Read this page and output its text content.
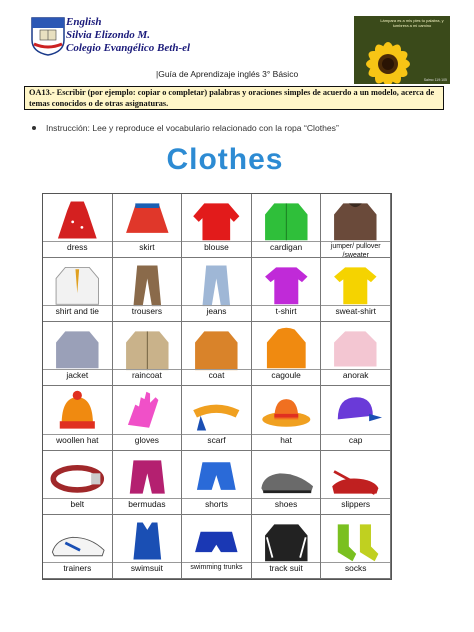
English
Silvia Elizondo M.
Colegio Evangélico Beth-el
|Guía de Aprendizaje inglés 3° Básico
Lámpara es a mis pies tu palabra, y lumbrera a mi camino
Salmo 119:105
OA13.- Escribir (por ejemplo: copiar o completar) palabras y oraciones simples de acuerdo a un modelo, acerca de temas conocidos o de otras asignaturas.
Instrucción: Lee y reproduce el vocabulario relacionado con la ropa “Clothes”
Clothes
dress	skirt	blouse	cardigan	jumper/ pullover /sweater
shirt and tie	trousers	jeans	t-shirt	sweat-shirt
jacket	raincoat	coat	cagoule	anorak
woollen hat	gloves	scarf	hat	cap
belt	bermudas	shorts	shoes	slippers
trainers	swimsuit	swimming trunks	track suit	socks
